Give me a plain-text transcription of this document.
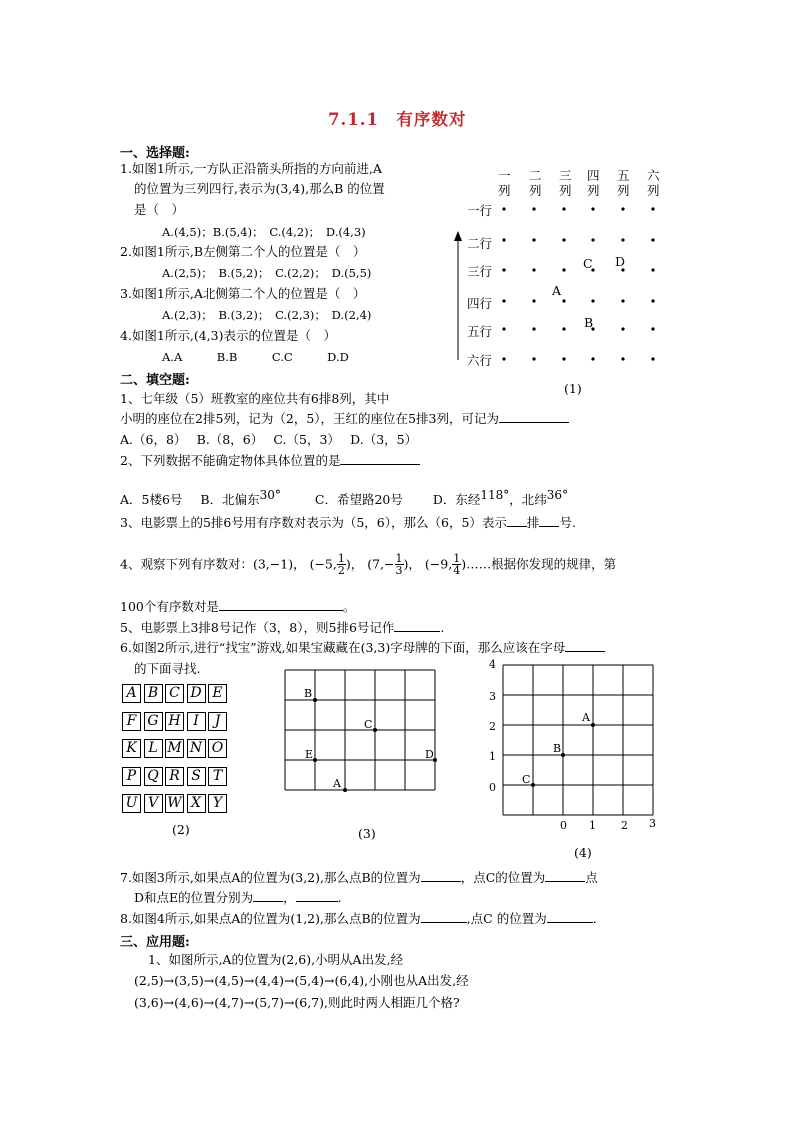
7.1.1　有序数对
一、选择题:
1.如图1所示,一方队正沿箭头所指的方向前进,A
的位置为三列四行,表示为(3,4),那么B 的位置
是（　）
A.(4,5)；B.(5,4)；　C.(4,2)；　D.(4,3)
2.如图1所示,B左侧第二个人的位置是（　）
A.(2,5)；　B.(5,2)；　C.(2,2)；　D.(5,5)
3.如图1所示,A北侧第二个人的位置是（　）
A.(2,3)；　B.(3,2)；　C.(2,3)；　D.(2,4)
4.如图1所示,(4,3)表示的位置是（　）
A.A　　　B.B　　　C.C　　　D.D
一列
二列
三列
四列
五列
六列
一行
二行
三行
四行
五行
六行
A
B
C D
(1)
二、填空题:
1、七年级（5）班教室的座位共有6排8列，其中
小明的座位在2排5列，记为（2，5），王红的座位在5排3列，可记为
A.（6，8）　 B.（8，6）　 C.（5，3）　 D.（3，5）
2、下列数据不能确定物体具体位置的是
A．5楼6号 B．北偏东$^{30^\circ}$	C．希望路20号 D．东经$^{118^\circ}$，北纬$^{36^\circ}$
3、电影票上的5排6号用有序数对表示为（5，6），那么（6，5）表示 排 号.
4、观察下列有序数对：(3,−1)， (−5, $\frac{1}{2}$ )， ($7,- \frac{1}{3}$ )， (−9, $\frac{1}{4}$ )……根据你发现的规律，第
100个有序数对是	。
5、电影票上3排8号记作（3，8），则5排6号记作	.
6.如图2所示,进行“找宝”游戏,如果宝藏藏在(3,3)字母牌的下面，那么应该在字母
的下面寻找.
A B C D E
F G H I	J
K L M N O
P Q R S T
U V W X Y
(2)
B
C
E	D
A
(3)
A
B
C
4
3
2
1
0
0 1 2 3
(4)
7.如图3所示,如果点A的位置为(3,2),那么点B的位置为	，点C的位置为	点
D和点E的位置分别为 ，	.
8.如图4所示,如果点A的位置为(1,2),那么点B的位置为	,点C 的位置为	.
三、应用题:
1、如图所示,A的位置为(2,6),小明从A出发,经
(2,5)→(3,5)→(4,5)→(4,4)→(5,4)→(6,4),小刚也从A出发,经
(3,6)→(4,6)→(4,7)→(5,7)→(6,7),则此时两人相距几个格?
